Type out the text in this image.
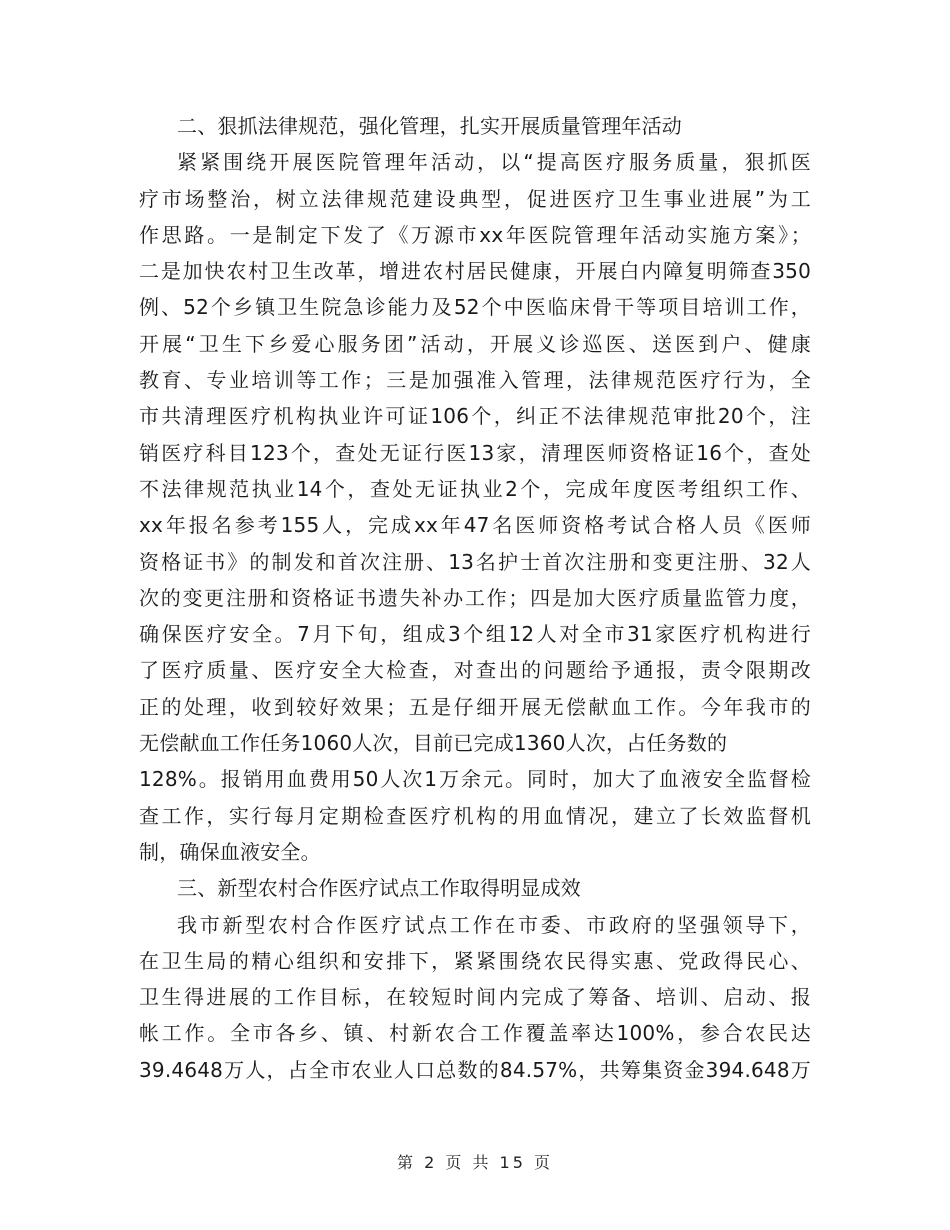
二、狠抓法律规范，强化管理，扎实开展质量管理年活动
紧紧围绕开展医院管理年活动，以“提高医疗服务质量，狠抓医
疗市场整治，树立法律规范建设典型，促进医疗卫生事业进展”为工
作思路。一是制定下发了《万源市xx年医院管理年活动实施方案》；
二是加快农村卫生改革，增进农村居民健康，开展白内障复明筛查350
例、52个乡镇卫生院急诊能力及52个中医临床骨干等项目培训工作，
开展“卫生下乡爱心服务团”活动，开展义诊巡医、送医到户、健康
教育、专业培训等工作；三是加强准入管理，法律规范医疗行为，全
市共清理医疗机构执业许可证106个，纠正不法律规范审批20个，注
销医疗科目123个，查处无证行医13家，清理医师资格证16个，查处
不法律规范执业14个，查处无证执业2个，完成年度医考组织工作、
xx年报名参考155人，完成xx年47名医师资格考试合格人员《医师
资格证书》的制发和首次注册、13名护士首次注册和变更注册、32人
次的变更注册和资格证书遗失补办工作；四是加大医疗质量监管力度，
确保医疗安全。7月下旬，组成3个组12人对全市31家医疗机构进行
了医疗质量、医疗安全大检查，对查出的问题给予通报，责令限期改
正的处理，收到较好效果；五是仔细开展无偿献血工作。今年我市的
无偿献血工作任务1060人次，目前已完成1360人次，占任务数的
128%。报销用血费用50人次1万余元。同时，加大了血液安全监督检
查工作，实行每月定期检查医疗机构的用血情况，建立了长效监督机
制，确保血液安全。
三、新型农村合作医疗试点工作取得明显成效
我市新型农村合作医疗试点工作在市委、市政府的坚强领导下，
在卫生局的精心组织和安排下，紧紧围绕农民得实惠、党政得民心、
卫生得进展的工作目标，在较短时间内完成了筹备、培训、启动、报
帐工作。全市各乡、镇、村新农合工作覆盖率达100%，参合农民达
39.4648万人，占全市农业人口总数的84.57%，共筹集资金394.648万
第 2 页 共 15 页
